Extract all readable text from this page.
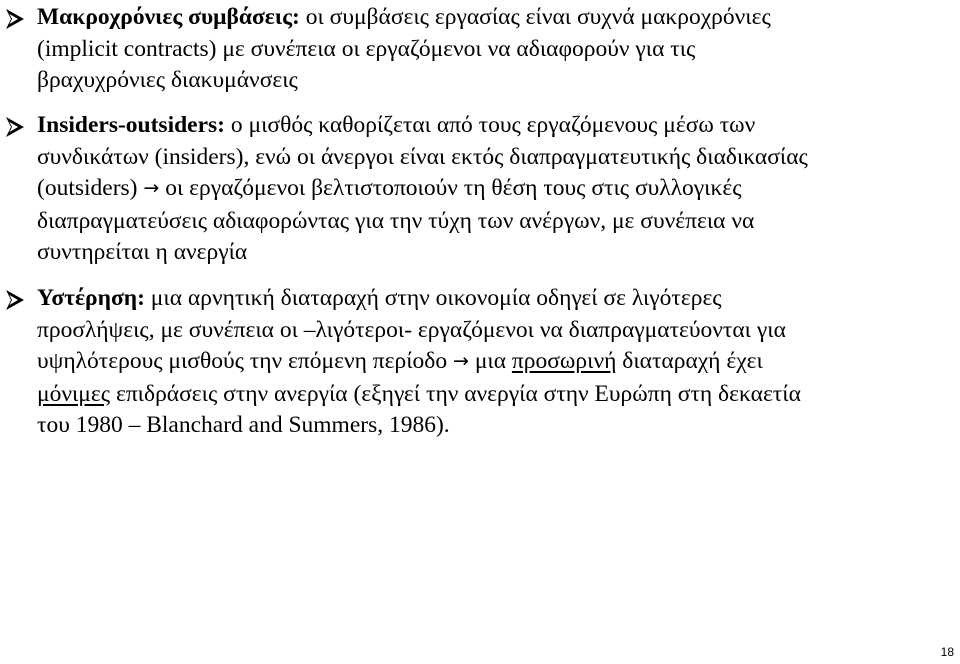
Μακροχρόνιες συμβάσεις: οι συμβάσεις εργασίας είναι συχνά μακροχρόνιες
(implicit contracts) με συνέπεια οι εργαζόμενοι να αδιαφορούν για τις
βραχυχρόνιες διακυμάνσεις

Insiders-outsiders: ο μισθός καθορίζεται από τους εργαζόμενους μέσω των
συνδικάτων (insiders), ενώ οι άνεργοι είναι εκτός διαπραγματευτικής διαδικασίας
(outsiders) → οι εργαζόμενοι βελτιστοποιούν τη θέση τους στις συλλογικές
διαπραγματεύσεις αδιαφορώντας για την τύχη των ανέργων, με συνέπεια να
συντηρείται η ανεργία

Υστέρηση: μια αρνητική διαταραχή στην οικονομία οδηγεί σε λιγότερες
προσλήψεις, με συνέπεια οι –λιγότεροι- εργαζόμενοι να διαπραγματεύονται για
υψηλότερους μισθούς την επόμενη περίοδο → μια προσωρινή διαταραχή έχει
μόνιμες επιδράσεις στην ανεργία (εξηγεί την ανεργία στην Ευρώπη στη δεκαετία
του 1980 – Blanchard and Summers, 1986).

18
